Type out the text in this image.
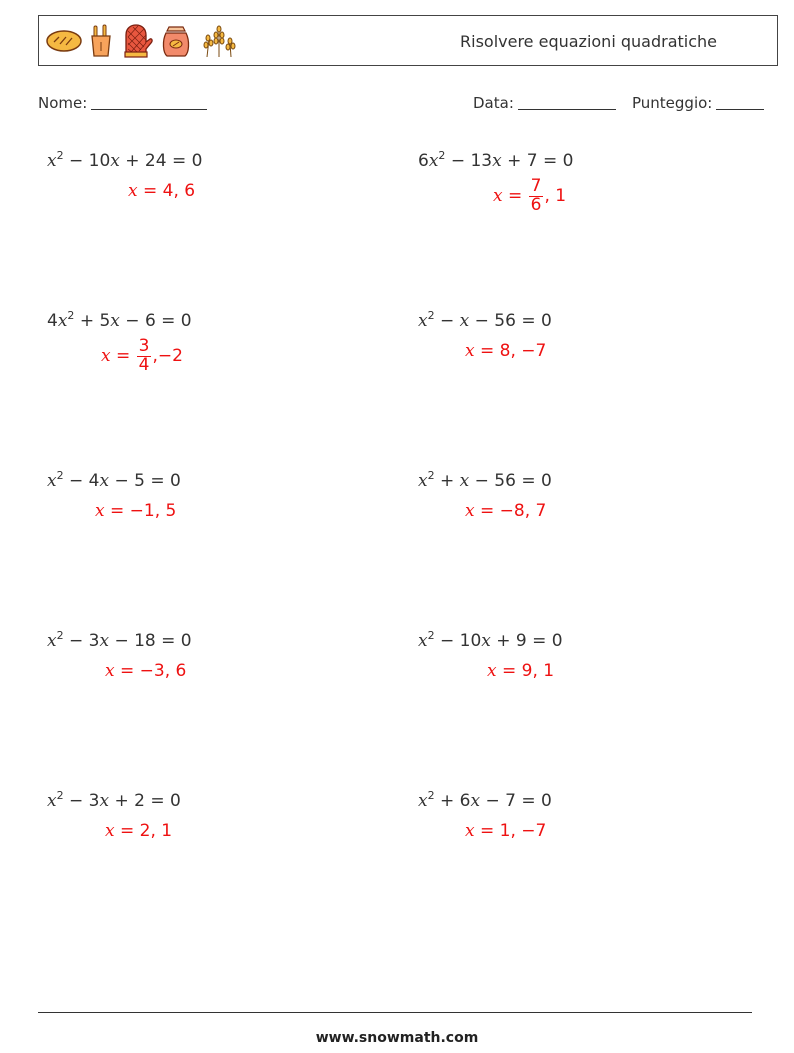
Risolvere equazioni quadratiche
Nome:	Data:	Punteggio:
$x^2 - 10x + 24 = 0$
x = 4, 6
$6x^2 - 13x + 7 = 0$
$x = \frac{7}{6}$ , 1
$4x^2 + 5x - 6 = 0$
$x = \frac{3}{4} ,-2$
$x^2 - x - 56 = 0$
x = 8, −7
$x^2 - 4x - 5 = 0$
x = −1, 5
$x^2 + x - 56 = 0$
x = −8, 7
$x^2 - 3x - 18 = 0$
x = −3, 6
$x^2 - 10x + 9 = 0$
x = 9, 1
$x^2 - 3x + 2 = 0$
x = 2, 1
$x^2 + 6x - 7 = 0$
x = 1, −7
www.snowmath.com
